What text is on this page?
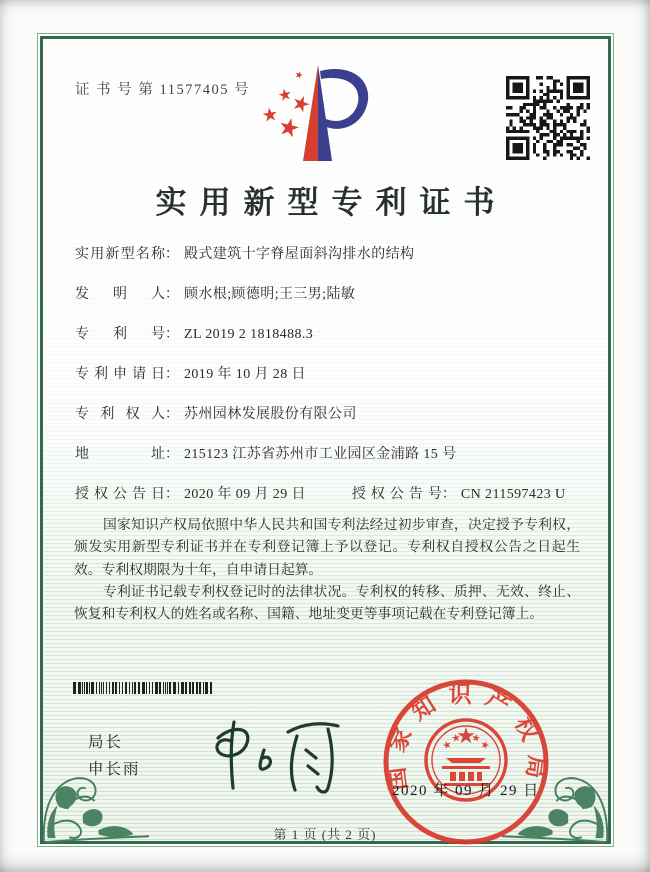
证 书 号 第 11577405 号
实用新型专利证书
实用新型名称 ： 殿式建筑十字脊屋面斜沟排水的结构
发明人 ： 顾水根;顾德明;王三男;陆敏
专利号 ： ZL 2019 2 1818488.3
专利申请日 ： 2019 年 10 月 28 日
专利权人 ： 苏州园林发展股份有限公司
地址 ： 215123 江苏省苏州市工业园区金浦路 15 号
授权公告日 ： 2020 年 09 月 29 日	授权公告号 ： CN 211597423 U

国家知识产权局依照中华人民共和国专利法经过初步审查，决定授予专利权，颁发实用新型专利证书并在专利登记簿上予以登记。专利权自授权公告之日起生效。专利权期限为十年，自申请日起算。

专利证书记载专利权登记时的法律状况。专利权的转移、质押、无效、终止、恢复和专利权人的姓名或名称、国籍、地址变更等事项记载在专利登记簿上。

局长
申长雨	国家知识产权局
2020 年 09 月 29 日
第 1 页 (共 2 页)
